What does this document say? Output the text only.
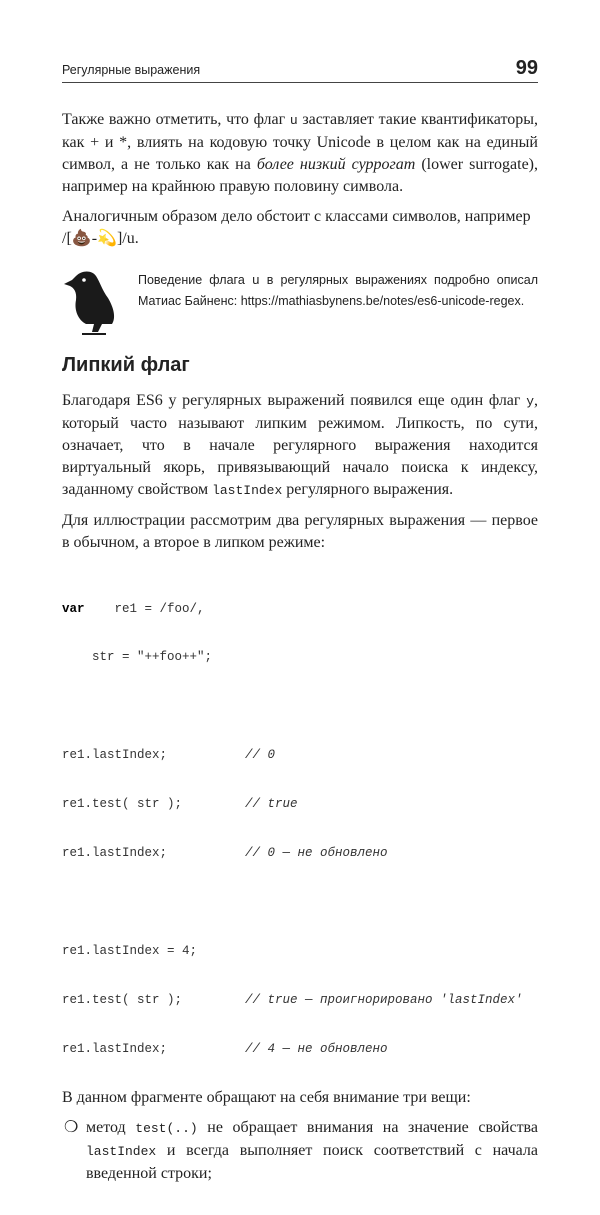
Регулярные выражения	99

Также важно отметить, что флаг u заставляет такие квантификаторы, как + и *, влиять на кодовую точку Unicode в целом как на единый символ, а не только как на более низкий суррогат (lower surrogate), например на крайнюю правую половину символа.

Аналогичным образом дело обстоит с классами символов, например /[💩-💫]/u.

Поведение флага u в регулярных выражениях подробно описал Матиас Байненс: https://mathiasbynens.be/notes/es6-unicode-regex.
Липкий флаг

Благодаря ES6 у регулярных выражений появился еще один флаг y, который часто называют липким режимом. Липкость, по сути, означает, что в начале регулярного выражения находится виртуальный якорь, привязывающий начало поиска к индексу, заданному свойством lastIndex регулярного выражения.

Для иллюстрации рассмотрим два регулярных выражения — первое в обычном, а второе в липком режиме:

var re1 = /foo/,

str = "++foo++";

re1.lastIndex;	// 0

re1.test( str );	// true

re1.lastIndex;	// 0 — не обновлено

re1.lastIndex = 4;

re1.test( str );	// true — проигнорировано 'lastIndex'

re1.lastIndex;	// 4 — не обновлено

В данном фрагменте обращают на себя внимание три вещи:

❍ метод test(..) не обращает внимания на значение свойства lastIndex и всегда выполняет поиск соответствий с начала введенной строки;
